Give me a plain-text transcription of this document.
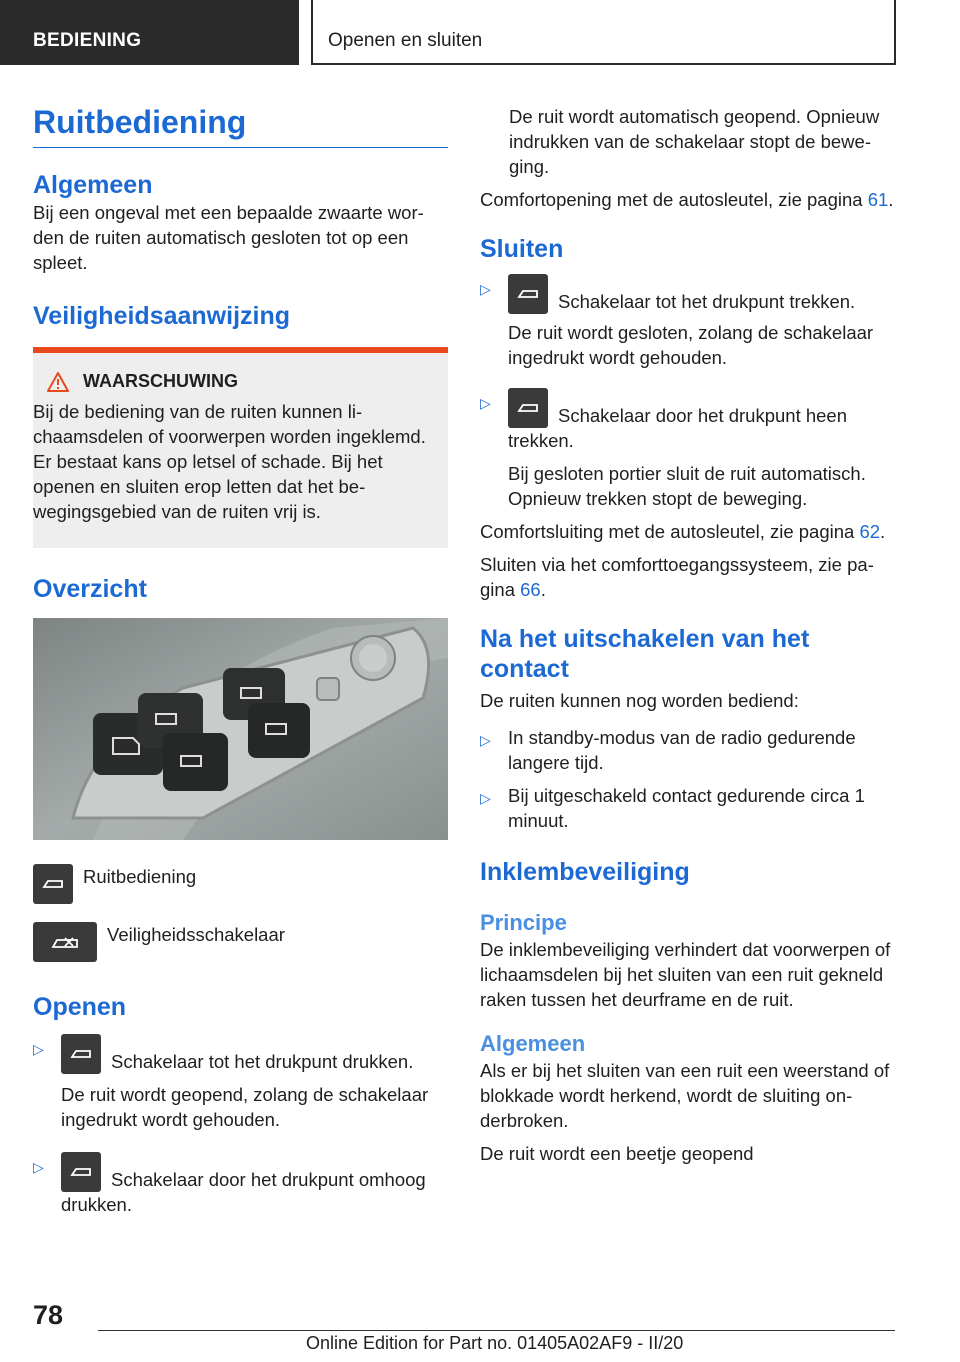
BEDIENING	Openen en sluiten
Ruitbediening
Algemeen

Bij een ongeval met een bepaalde zwaarte worden de ruiten automatisch gesloten tot op een spleet.

Veiligheidsaanwijzing
WAARSCHUWING

Bij de bediening van de ruiten kunnen lichaamsdelen of voorwerpen worden ingeklemd. Er bestaat kans op letsel of schade. Bij het openen en sluiten erop letten dat het bewegingsgebied van de ruiten vrij is.

Overzicht
Ruitbediening
Veiligheidsschakelaar
Openen
▷

Schakelaar tot het drukpunt drukken.

De ruit wordt geopend, zolang de schakelaar ingedrukt wordt gehouden.

▷

Schakelaar door het drukpunt omhoog drukken.

De ruit wordt automatisch geopend. Opnieuw indrukken van de schakelaar stopt de beweging.

Comfortopening met de autosleutel, zie pagina 61.

Sluiten
▷

Schakelaar tot het drukpunt trekken.

De ruit wordt gesloten, zolang de schakelaar ingedrukt wordt gehouden.

▷

Schakelaar door het drukpunt heen trekken.

Bij gesloten portier sluit de ruit automatisch. Opnieuw trekken stopt de beweging.

Comfortsluiting met de autosleutel, zie pagina 62.

Sluiten via het comforttoegangssysteem, zie pagina 66.

Na het uitschakelen van het contact

De ruiten kunnen nog worden bediend:

▷ In standby-modus van de radio gedurende langere tijd.
▷ Bij uitgeschakeld contact gedurende circa 1 minuut.
Inklembeveiliging
Principe

De inklembeveiliging verhindert dat voorwerpen of lichaamsdelen bij het sluiten van een ruit gekneld raken tussen het deurframe en de ruit.

Algemeen

Als er bij het sluiten van een ruit een weerstand of blokkade wordt herkend, wordt de sluiting onderbroken.

De ruit wordt een beetje geopend

78
Online Edition for Part no. 01405A02AF9 - II/20
